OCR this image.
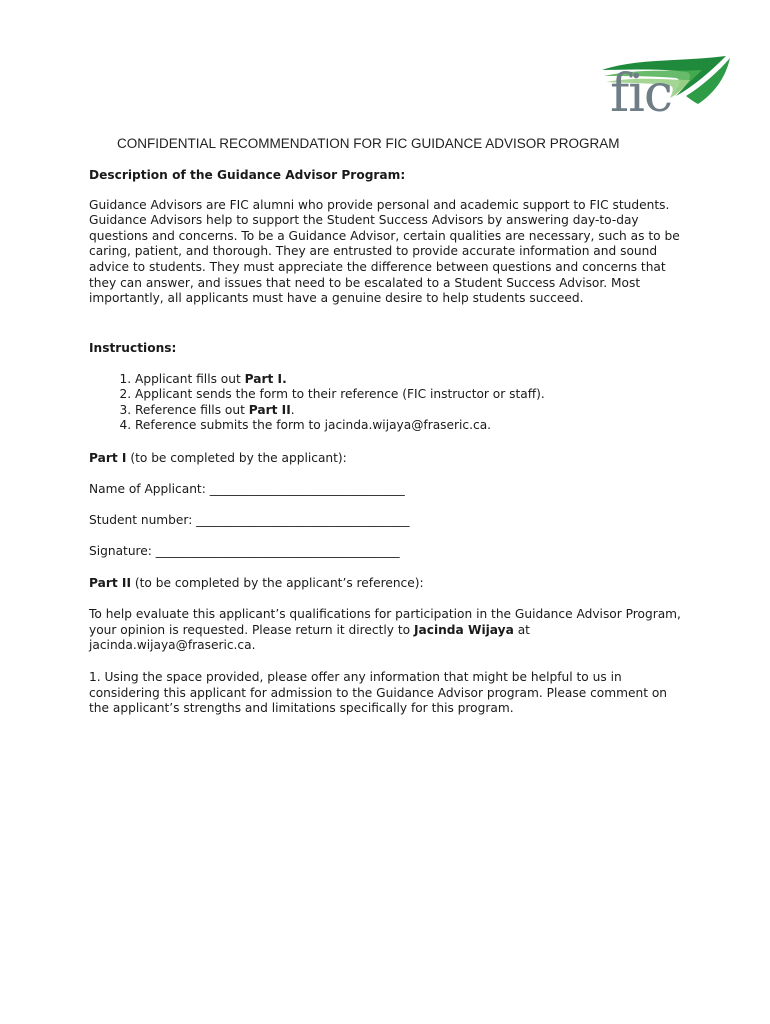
fic
CONFIDENTIAL RECOMMENDATION FOR FIC GUIDANCE ADVISOR PROGRAM

Description of the Guidance Advisor Program:

Guidance Advisors are FIC alumni who provide personal and academic support to FIC students. Guidance Advisors help to support the Student Success Advisors by answering day-to-day questions and concerns. To be a Guidance Advisor, certain qualities are necessary, such as to be caring, patient, and thorough. They are entrusted to provide accurate information and sound advice to students. They must appreciate the difference between questions and concerns that they can answer, and issues that need to be escalated to a Student Success Advisor. Most importantly, all applicants must have a genuine desire to help students succeed.

Instructions:

1. Applicant fills out Part I.
2. Applicant sends the form to their reference (FIC instructor or staff).
3. Reference fills out Part II.
4. Reference submits the form to jacinda.wijaya@fraseric.ca.

Part I (to be completed by the applicant):

Name of Applicant: ________________________________

Student number: ___________________________________

Signature: ________________________________________

Part II (to be completed by the applicant’s reference):

To help evaluate this applicant’s qualifications for participation in the Guidance Advisor Program, your opinion is requested. Please return it directly to Jacinda Wijaya at jacinda.wijaya@fraseric.ca.

1. Using the space provided, please offer any information that might be helpful to us in considering this applicant for admission to the Guidance Advisor program. Please comment on the applicant’s strengths and limitations specifically for this program.
